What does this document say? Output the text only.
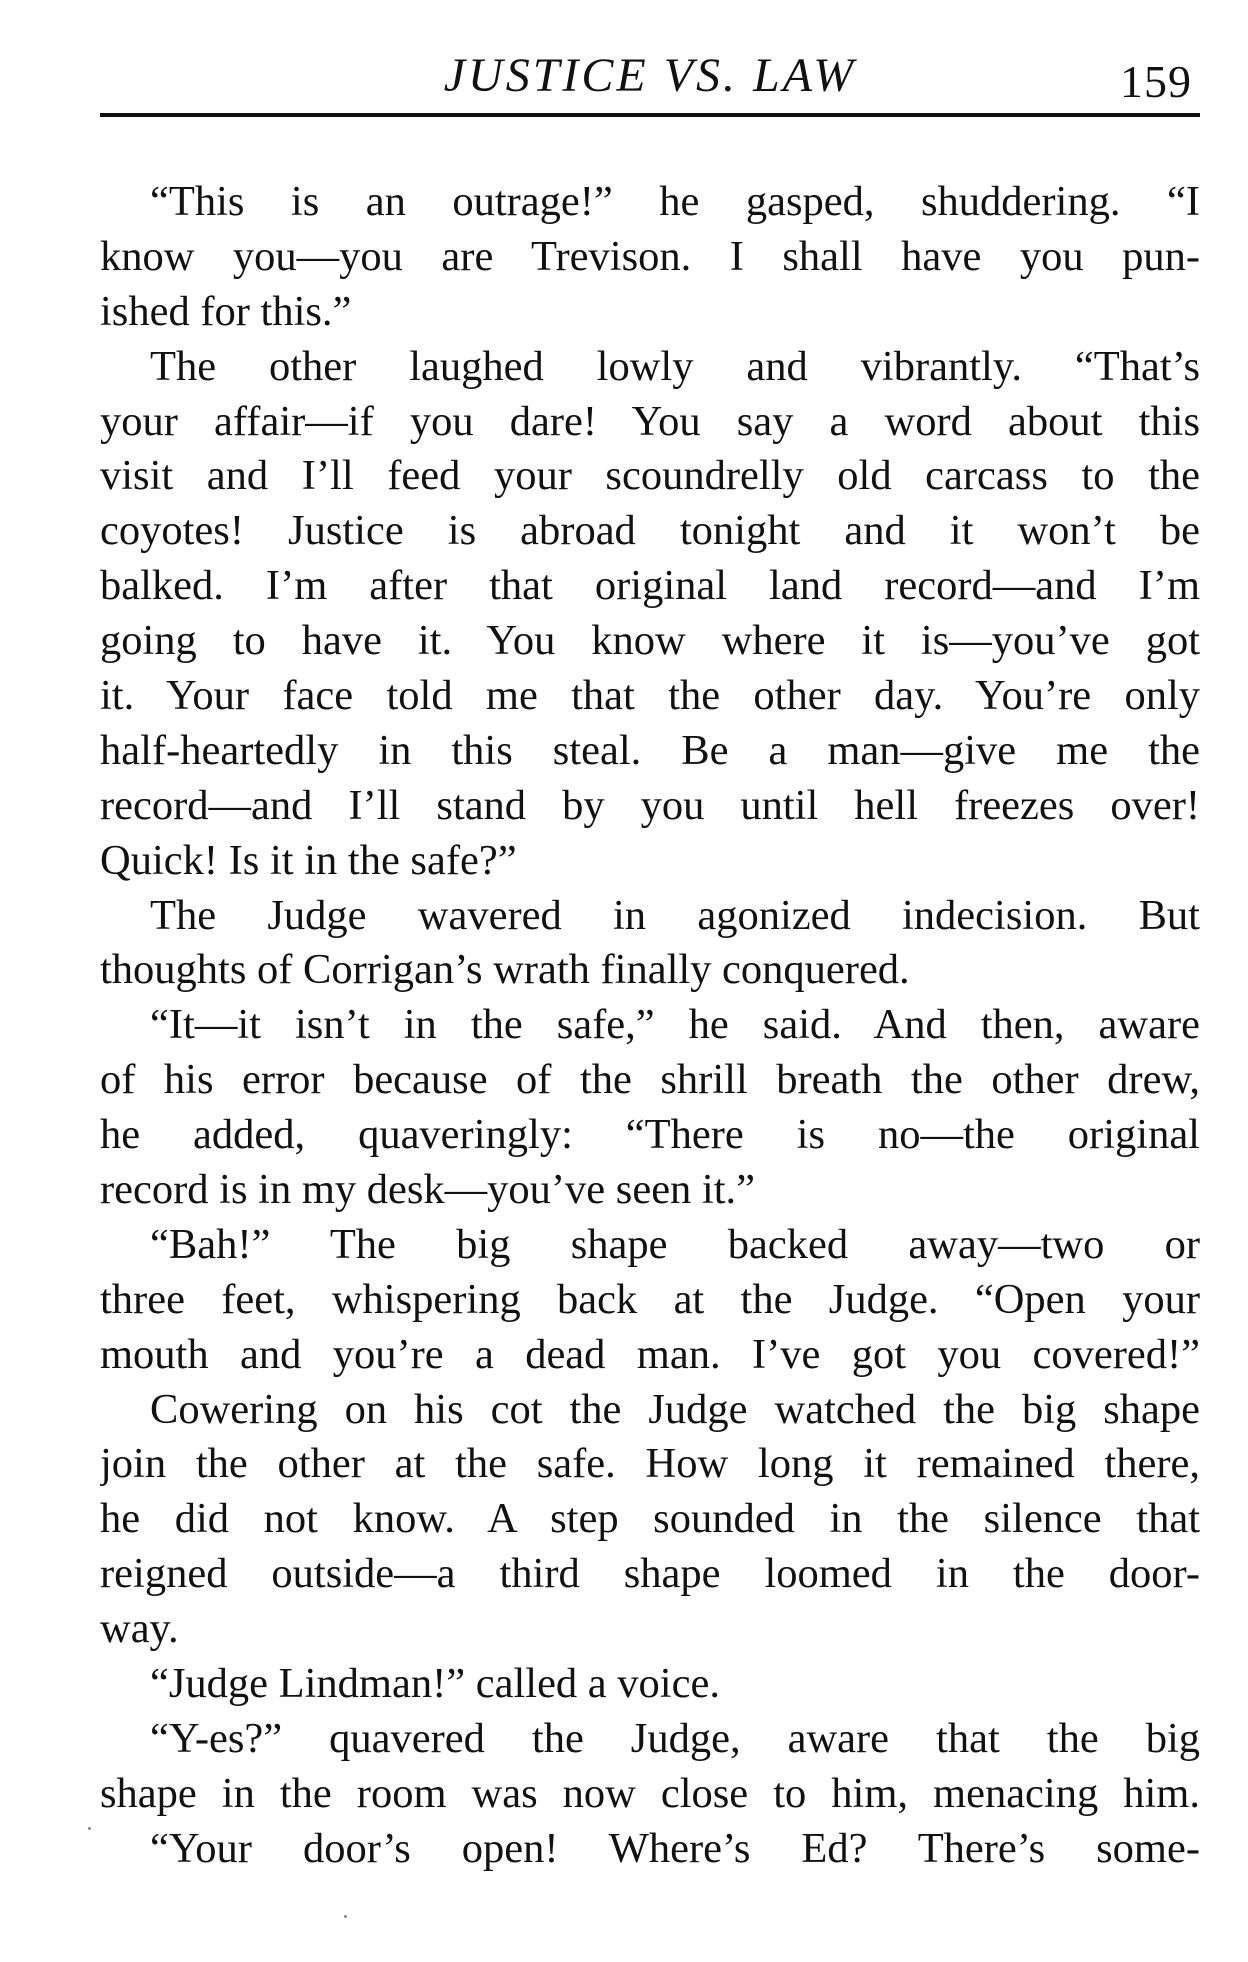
JUSTICE VS. LAW	159
“This is an outrage!” he gasped, shuddering. “I
know you—you are Trevison. I shall have you pun-
ished for this.”
The other laughed lowly and vibrantly. “That’s
your affair—if you dare! You say a word about this
visit and I’ll feed your scoundrelly old carcass to the
coyotes! Justice is abroad tonight and it won’t be
balked. I’m after that original land record—and I’m
going to have it. You know where it is—you’ve got
it. Your face told me that the other day. You’re only
half-heartedly in this steal. Be a man—give me the
record—and I’ll stand by you until hell freezes over!
Quick! Is it in the safe?”
The Judge wavered in agonized indecision. But
thoughts of Corrigan’s wrath finally conquered.
“It—it isn’t in the safe,” he said. And then, aware
of his error because of the shrill breath the other drew,
he added, quaveringly: “There is no—the original
record is in my desk—you’ve seen it.”
“Bah!” The big shape backed away—two or
three feet, whispering back at the Judge. “Open your
mouth and you’re a dead man. I’ve got you covered!”
Cowering on his cot the Judge watched the big shape
join the other at the safe. How long it remained there,
he did not know. A step sounded in the silence that
reigned outside—a third shape loomed in the door-
way.
“Judge Lindman!” called a voice.
“Y-es?” quavered the Judge, aware that the big
shape in the room was now close to him, menacing him.
“Your door’s open! Where’s Ed? There’s some-
